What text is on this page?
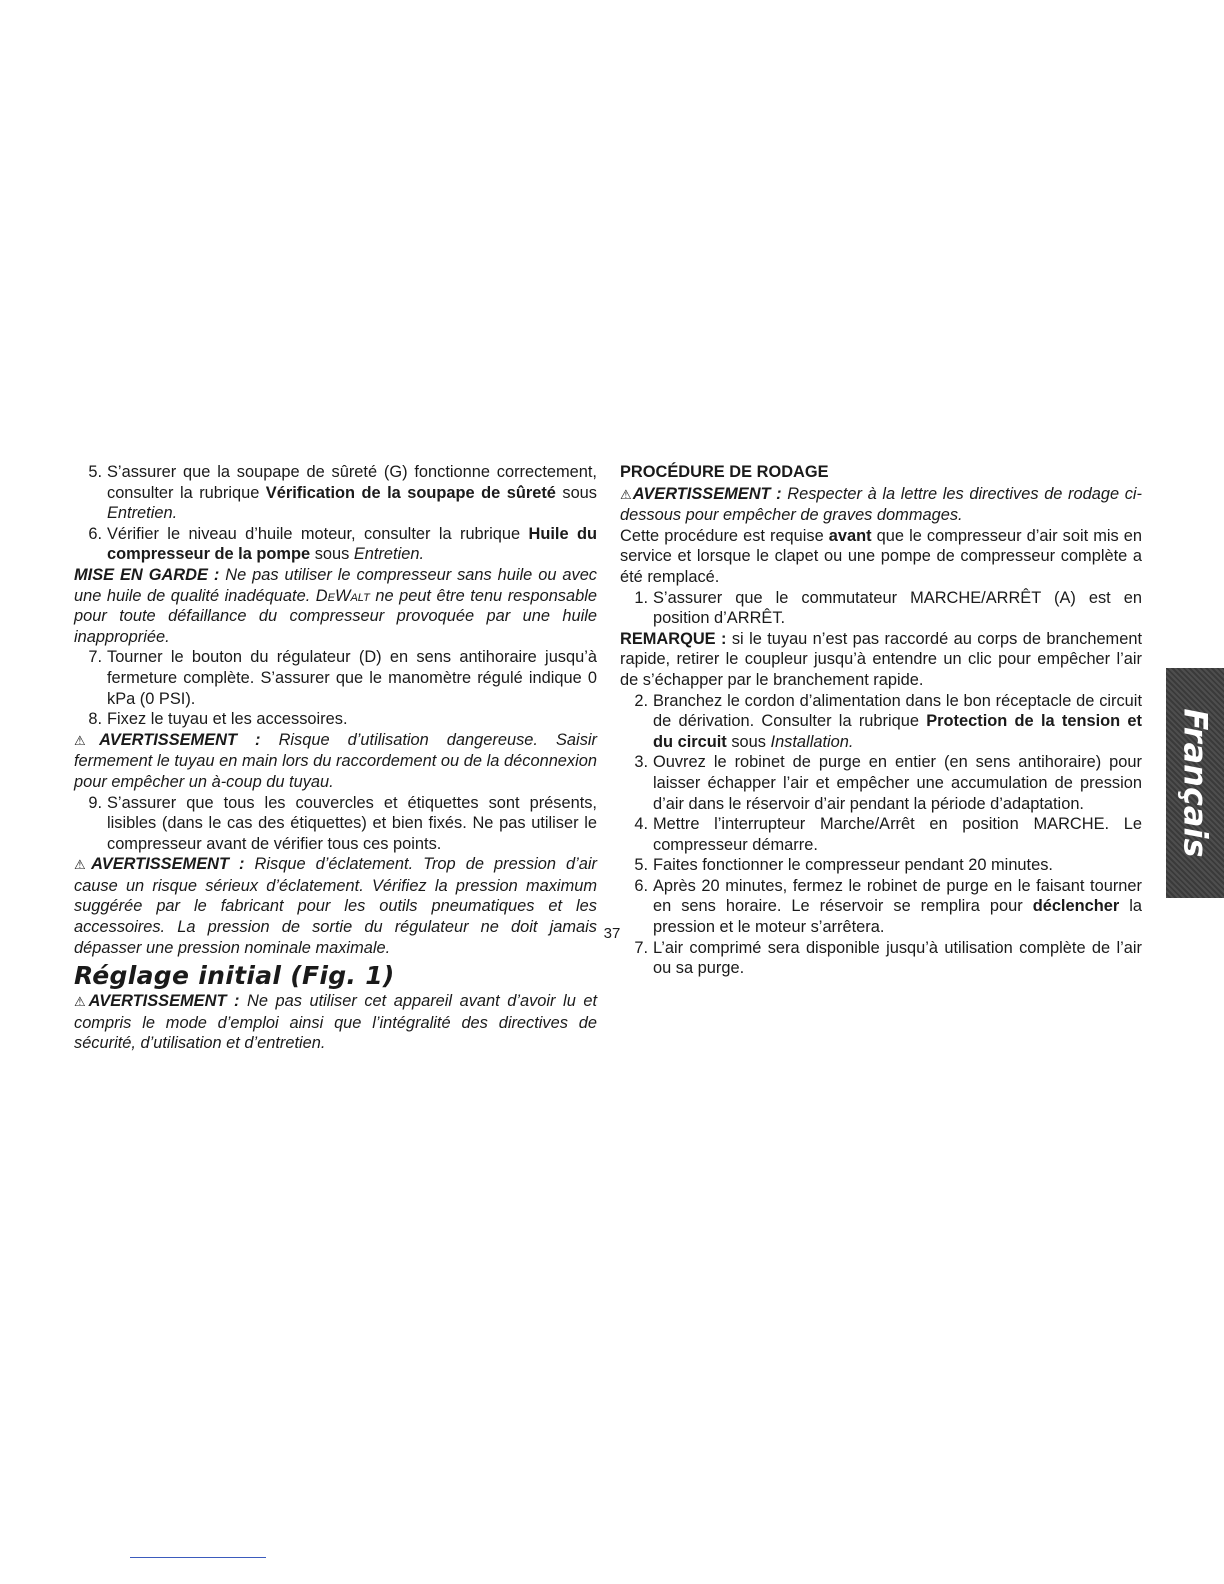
5. S’assurer que la soupape de sûreté (G) fonctionne correctement, consulter la rubrique Vérification de la soupape de sûreté sous Entretien.
6. Vérifier le niveau d’huile moteur, consulter la rubrique Huile du compresseur de la pompe sous Entretien.

MISE EN GARDE : Ne pas utiliser le compresseur sans huile ou avec une huile de qualité inadéquate. DeWalt ne peut être tenu responsable pour toute défaillance du compresseur provoquée par une huile inappropriée.

7. Tourner le bouton du régulateur (D) en sens antihoraire jusqu’à fermeture complète. S’assurer que le manomètre régulé indique 0 kPa (0 PSI).
8. Fixez le tuyau et les accessoires.

⚠AVERTISSEMENT : Risque d’utilisation dangereuse. Saisir fermement le tuyau en main lors du raccordement ou de la déconnexion pour empêcher un à-coup du tuyau.

9. S’assurer que tous les couvercles et étiquettes sont présents, lisibles (dans le cas des étiquettes) et bien fixés. Ne pas utiliser le compresseur avant de vérifier tous ces points.

⚠AVERTISSEMENT : Risque d’éclatement. Trop de pression d’air cause un risque sérieux d’éclatement. Vérifiez la pression maximum suggérée par le fabricant pour les outils pneumatiques et les accessoires. La pression de sortie du régulateur ne doit jamais dépasser une pression nominale maximale.

Réglage initial (Fig. 1)

⚠AVERTISSEMENT : Ne pas utiliser cet appareil avant d’avoir lu et compris le mode d’emploi ainsi que l’intégralité des directives de sécurité, d’utilisation et d’entretien.

PROCÉDURE DE RODAGE

⚠AVERTISSEMENT : Respecter à la lettre les directives de rodage ci-dessous pour empêcher de graves dommages.

Cette procédure est requise avant que le compresseur d’air soit mis en service et lorsque le clapet ou une pompe de compresseur complète a été remplacé.

1. S’assurer que le commutateur MARCHE/ARRÊT (A) est en position d’ARRÊT.

REMARQUE : si le tuyau n’est pas raccordé au corps de branchement rapide, retirer le coupleur jusqu’à entendre un clic pour empêcher l’air de s’échapper par le branchement rapide.

2. Branchez le cordon d’alimentation dans le bon réceptacle de circuit de dérivation. Consulter la rubrique Protection de la tension et du circuit sous Installation.
3. Ouvrez le robinet de purge en entier (en sens antihoraire) pour laisser échapper l’air et empêcher une accumulation de pression d’air dans le réservoir d’air pendant la période d’adaptation.
4. Mettre l’interrupteur Marche/Arrêt en position MARCHE. Le compresseur démarre.
5. Faites fonctionner le compresseur pendant 20 minutes.
6. Après 20 minutes, fermez le robinet de purge en le faisant tourner en sens horaire. Le réservoir se remplira pour déclencher la pression et le moteur s’arrêtera.
7. L’air comprimé sera disponible jusqu’à utilisation complète de l’air ou sa purge.
37
Français
